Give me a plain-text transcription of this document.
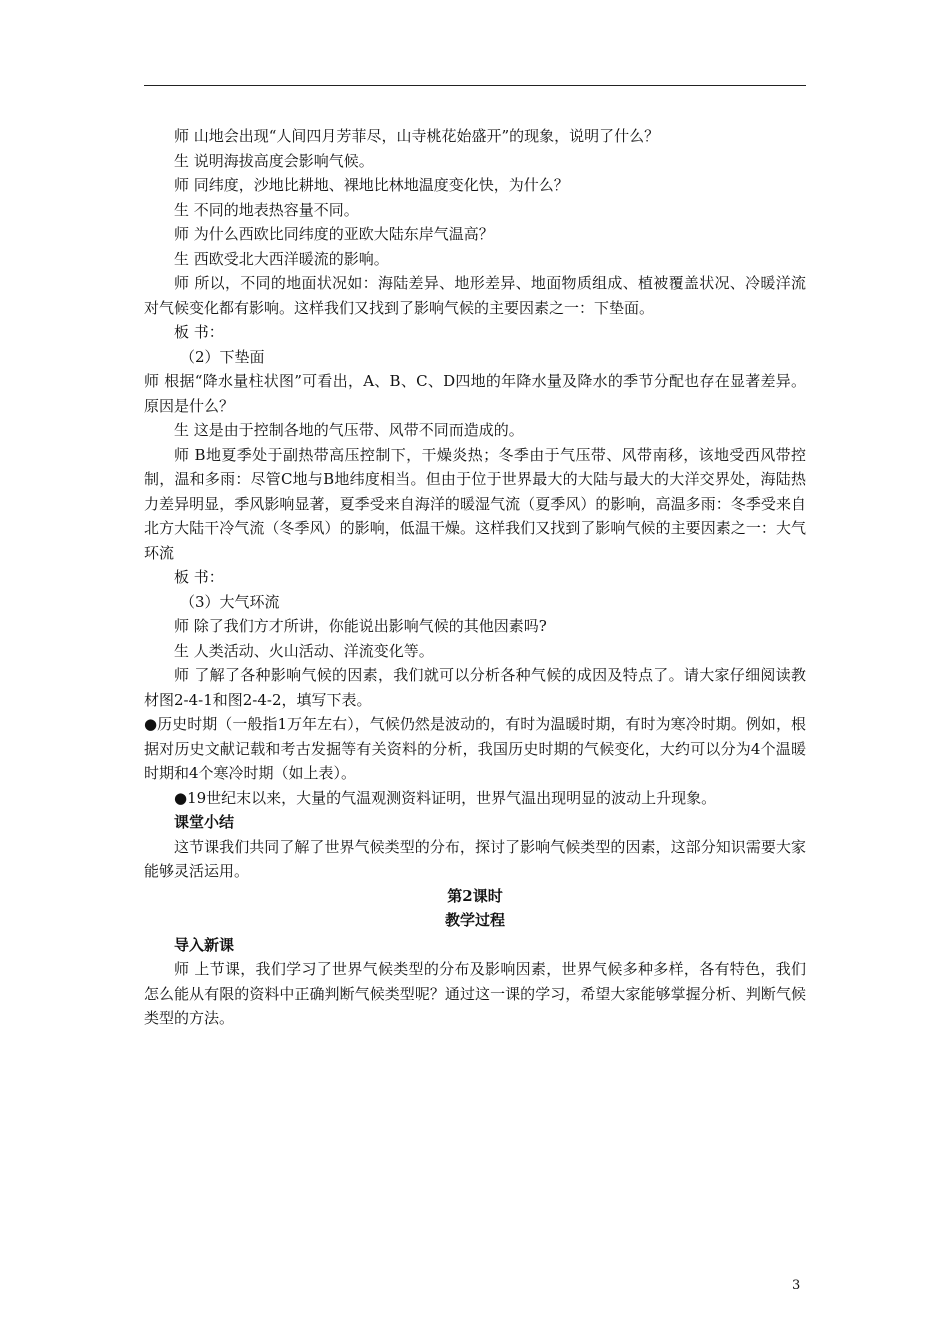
师 山地会出现“人间四月芳菲尽，山寺桃花始盛开”的现象，说明了什么？

生 说明海拔高度会影响气候。

师 同纬度，沙地比耕地、裸地比林地温度变化快，为什么？

生 不同的地表热容量不同。

师 为什么西欧比同纬度的亚欧大陆东岸气温高？

生 西欧受北大西洋暖流的影响。

师 所以，不同的地面状况如：海陆差异、地形差异、地面物质组成、植被覆盖状况、冷暖洋流对气候变化都有影响。这样我们又找到了影响气候的主要因素之一：下垫面。

板 书：

（2）下垫面

师 根据“降水量柱状图”可看出，A、B、C、D四地的年降水量及降水的季节分配也存在显著差异。原因是什么？

生 这是由于控制各地的气压带、风带不同而造成的。

师 B地夏季处于副热带高压控制下，干燥炎热；冬季由于气压带、风带南移，该地受西风带控制，温和多雨：尽管C地与B地纬度相当。但由于位于世界最大的大陆与最大的大洋交界处，海陆热力差异明显，季风影响显著，夏季受来自海洋的暖湿气流（夏季风）的影响，高温多雨：冬季受来自北方大陆干冷气流（冬季风）的影响，低温干燥。这样我们又找到了影响气候的主要因素之一：大气环流

板 书：

（3）大气环流

师 除了我们方才所讲，你能说出影响气候的其他因素吗?

生 人类活动、火山活动、洋流变化等。

师 了解了各种影响气候的因素，我们就可以分析各种气候的成因及特点了。请大家仔细阅读教材图2-4-1和图2-4-2，填写下表。

●历史时期（一般指1万年左右），气候仍然是波动的，有时为温暖时期，有时为寒冷时期。例如，根据对历史文献记载和考古发掘等有关资料的分析，我国历史时期的气候变化，大约可以分为4个温暖时期和4个寒冷时期（如上表）。

●19世纪末以来，大量的气温观测资料证明，世界气温出现明显的波动上升现象。

课堂小结

这节课我们共同了解了世界气候类型的分布，探讨了影响气候类型的因素，这部分知识需要大家能够灵活运用。

第2课时

教学过程

导入新课

师 上节课，我们学习了世界气候类型的分布及影响因素，世界气候多种多样，各有特色，我们怎么能从有限的资料中正确判断气候类型呢？通过这一课的学习，希望大家能够掌握分析、判断气候类型的方法。

3
